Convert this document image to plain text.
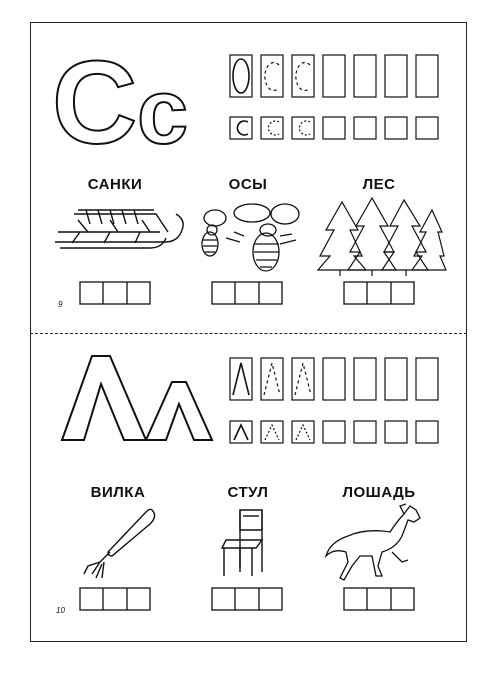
С с
САНКИ	ОСЫ	ЛЕС
9
ВИЛКА	СТУЛ	ЛОШАДЬ
10
